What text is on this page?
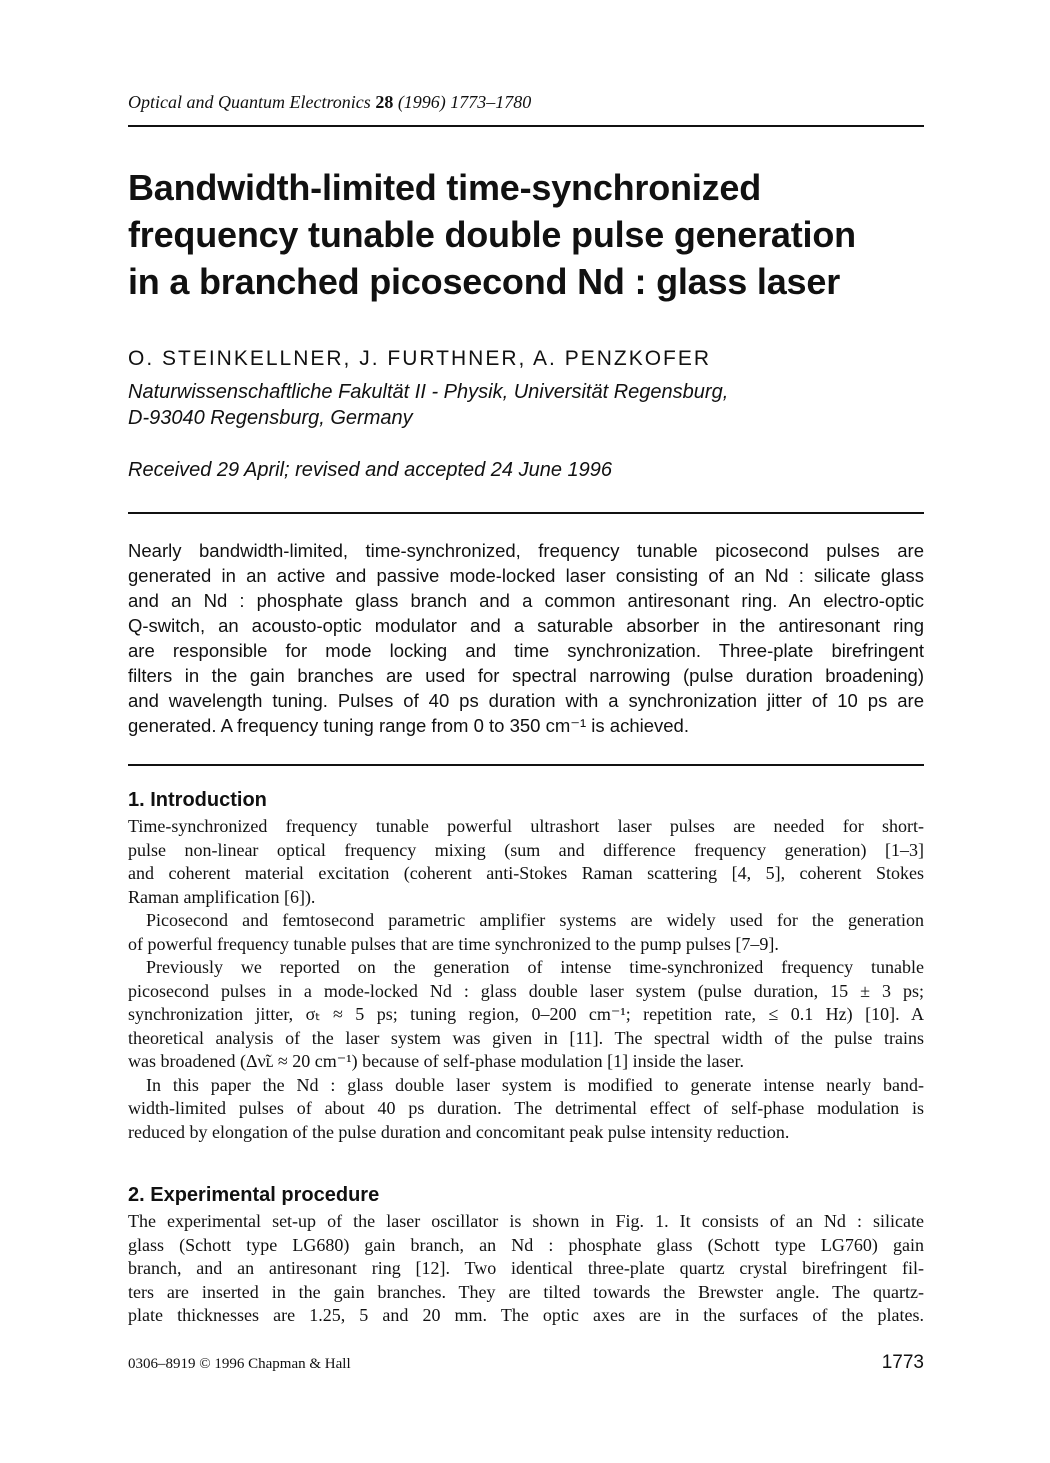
Optical and Quantum Electronics 28 (1996) 1773–1780
Bandwidth-limited time-synchronized
frequency tunable double pulse generation
in a branched picosecond Nd : glass laser
O. STEINKELLNER, J. FURTHNER, A. PENZKOFER
Naturwissenschaftliche Fakultät II - Physik, Universität Regensburg,
D-93040 Regensburg, Germany
Received 29 April; revised and accepted 24 June 1996
Nearly bandwidth-limited, time-synchronized, frequency tunable picosecond pulses are
generated in an active and passive mode-locked laser consisting of an Nd : silicate glass
and an Nd : phosphate glass branch and a common antiresonant ring. An electro-optic
Q-switch, an acousto-optic modulator and a saturable absorber in the antiresonant ring
are responsible for mode locking and time synchronization. Three-plate birefringent
filters in the gain branches are used for spectral narrowing (pulse duration broadening)
and wavelength tuning. Pulses of 40 ps duration with a synchronization jitter of 10 ps are
generated. A frequency tuning range from 0 to 350 cm⁻¹ is achieved.
1. Introduction
Time-synchronized frequency tunable powerful ultrashort laser pulses are needed for short-
pulse non-linear optical frequency mixing (sum and difference frequency generation) [1–3]
and coherent material excitation (coherent anti-Stokes Raman scattering [4, 5], coherent Stokes
Raman amplification [6]).
Picosecond and femtosecond parametric amplifier systems are widely used for the generation
of powerful frequency tunable pulses that are time synchronized to the pump pulses [7–9].
Previously we reported on the generation of intense time-synchronized frequency tunable
picosecond pulses in a mode-locked Nd : glass double laser system (pulse duration, 15 ± 3 ps;
synchronization jitter, σₜ ≈ 5 ps; tuning region, 0–200 cm⁻¹; repetition rate, ≤ 0.1 Hz) [10]. A
theoretical analysis of the laser system was given in [11]. The spectral width of the pulse trains
was broadened (Δν̃ʟ ≈ 20 cm⁻¹) because of self-phase modulation [1] inside the laser.
In this paper the Nd : glass double laser system is modified to generate intense nearly band-
width-limited pulses of about 40 ps duration. The detrimental effect of self-phase modulation is
reduced by elongation of the pulse duration and concomitant peak pulse intensity reduction.
2. Experimental procedure
The experimental set-up of the laser oscillator is shown in Fig. 1. It consists of an Nd : silicate
glass (Schott type LG680) gain branch, an Nd : phosphate glass (Schott type LG760) gain
branch, and an antiresonant ring [12]. Two identical three-plate quartz crystal birefringent fil-
ters are inserted in the gain branches. They are tilted towards the Brewster angle. The quartz-
plate thicknesses are 1.25, 5 and 20 mm. The optic axes are in the surfaces of the plates.
0306–8919 © 1996 Chapman & Hall	1773
